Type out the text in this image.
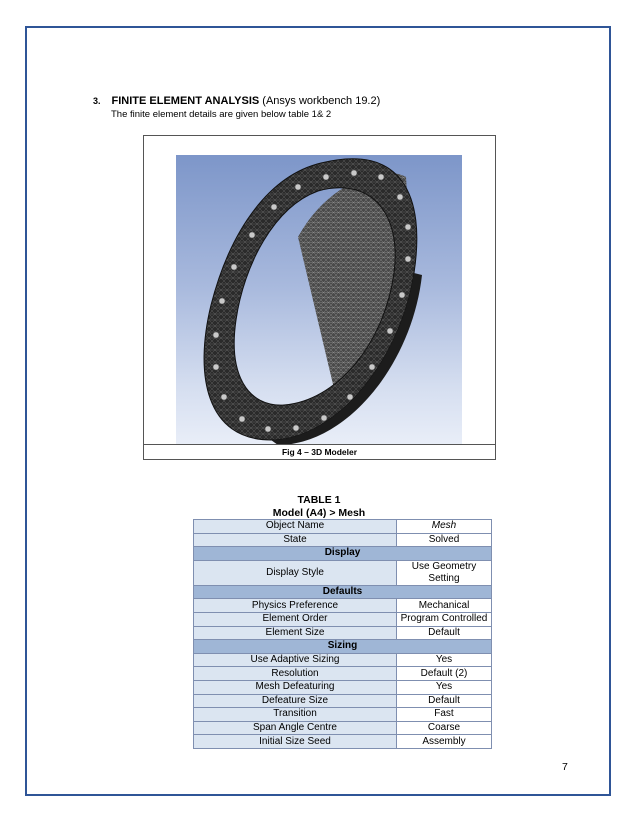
3. FINITE ELEMENT ANALYSIS (Ansys workbench 19.2)
The finite element details are given below table 1& 2
Fig 4 – 3D Modeler
TABLE 1
Model (A4) > Mesh
Object Name	Mesh
State	Solved
Display	
Display Style	Use Geometry Setting
Defaults	
Physics Preference	Mechanical
Element Order	Program Controlled
Element Size	Default
Sizing	
Use Adaptive Sizing	Yes
Resolution	Default (2)
Mesh Defeaturing	Yes
Defeature Size	Default
Transition	Fast
Span Angle Centre	Coarse
Initial Size Seed	Assembly
7
